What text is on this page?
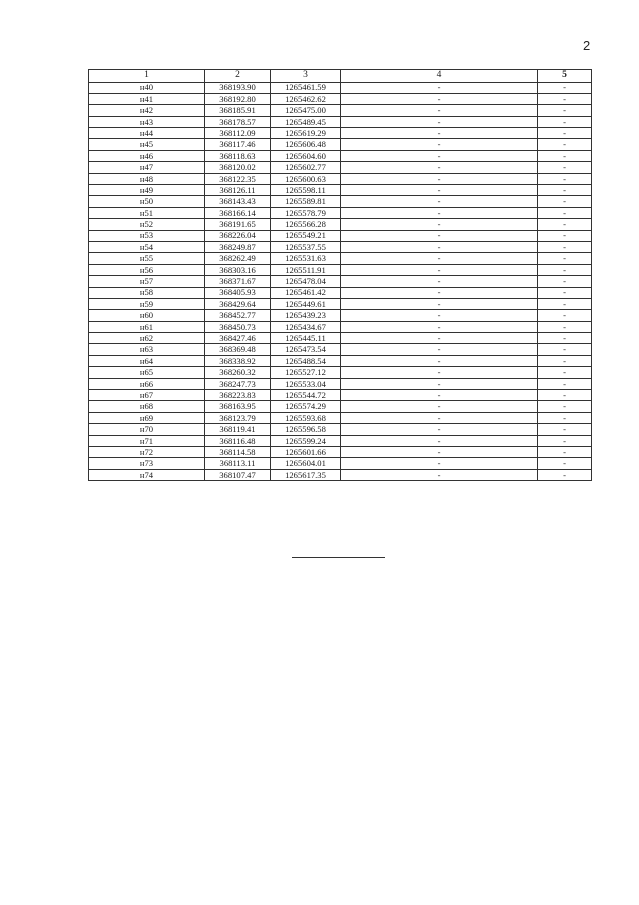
2
1	2	3	4	5
н40	368193.90	1265461.59	-	-
н41	368192.80	1265462.62	-	-
н42	368185.91	1265475.00	-	-
н43	368178.57	1265489.45	-	-
н44	368112.09	1265619.29	-	-
н45	368117.46	1265606.48	-	-
н46	368118.63	1265604.60	-	-
н47	368120.02	1265602.77	-	-
н48	368122.35	1265600.63	-	-
н49	368126.11	1265598.11	-	-
н50	368143.43	1265589.81	-	-
н51	368166.14	1265578.79	-	-
н52	368191.65	1265566.28	-	-
н53	368226.04	1265549.21	-	-
н54	368249.87	1265537.55	-	-
н55	368262.49	1265531.63	-	-
н56	368303.16	1265511.91	-	-
н57	368371.67	1265478.04	-	-
н58	368405.93	1265461.42	-	-
н59	368429.64	1265449.61	-	-
н60	368452.77	1265439.23	-	-
н61	368450.73	1265434.67	-	-
н62	368427.46	1265445.11	-	-
н63	368369.48	1265473.54	-	-
н64	368338.92	1265488.54	-	-
н65	368260.32	1265527.12	-	-
н66	368247.73	1265533.04	-	-
н67	368223.83	1265544.72	-	-
н68	368163.95	1265574.29	-	-
н69	368123.79	1265593.68	-	-
н70	368119.41	1265596.58	-	-
н71	368116.48	1265599.24	-	-
н72	368114.58	1265601.66	-	-
н73	368113.11	1265604.01	-	-
н74	368107.47	1265617.35	-	-
